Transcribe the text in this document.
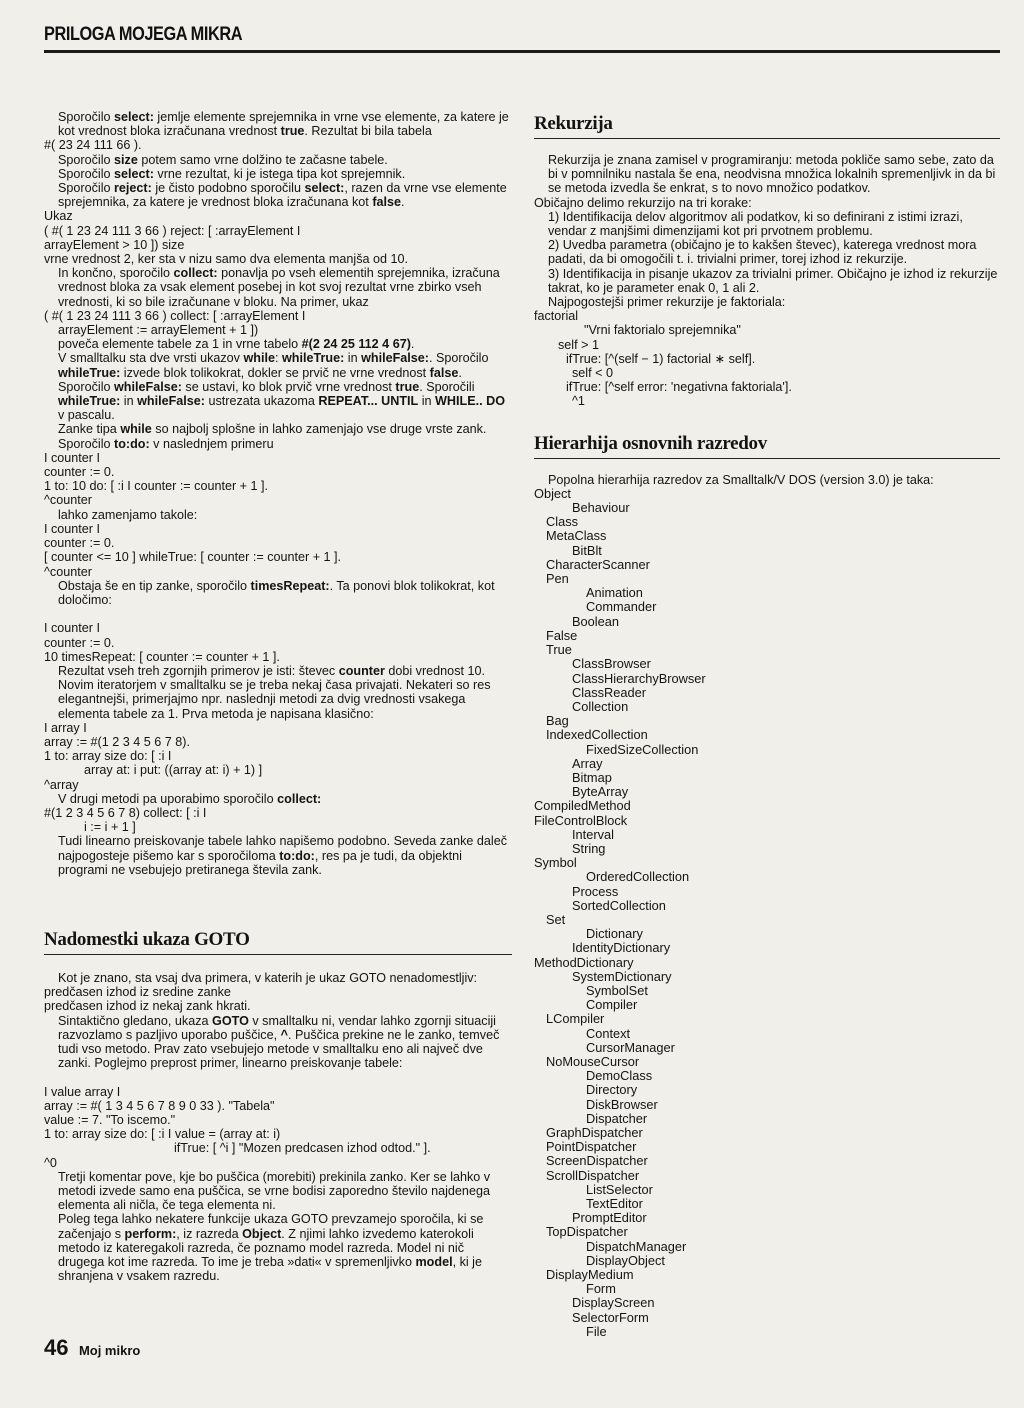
PRILOGA MOJEGA MIKRA

Sporočilo select: jemlje elemente sprejemnika in vrne vse elemente, za katere je kot vrednost bloka izračunana vrednost true. Rezultat bi bila tabela

#( 23 24 111 66 ).

Sporočilo size potem samo vrne dolžino te začasne tabele.

Sporočilo select: vrne rezultat, ki je istega tipa kot sprejemnik.

Sporočilo reject: je čisto podobno sporočilu select:, razen da vrne vse elemente sprejemnika, za katere je vrednost bloka izračunana kot false.

Ukaz

( #( 1 23 24 111 3 66 ) reject: [ :arrayElement I

arrayElement > 10 ]) size

vrne vrednost 2, ker sta v nizu samo dva elementa manjša od 10.

In končno, sporočilo collect: ponavlja po vseh elementih sprejemnika, izračuna vrednost bloka za vsak element posebej in kot svoj rezultat vrne zbirko vseh vrednosti, ki so bile izračunane v bloku. Na primer, ukaz

( #( 1 23 24 111 3 66 ) collect: [ :arrayElement I

arrayElement := arrayElement + 1 ])

poveča elemente tabele za 1 in vrne tabelo #(2 24 25 112 4 67).

V smalltalku sta dve vrsti ukazov while: whileTrue: in whileFalse:. Sporočilo whileTrue: izvede blok tolikokrat, dokler se prvič ne vrne vrednost false. Sporočilo whileFalse: se ustavi, ko blok prvič vrne vrednost true. Sporočili whileTrue: in whileFalse: ustrezata ukazoma REPEAT... UNTIL in WHILE.. DO v pascalu.

Zanke tipa while so najbolj splošne in lahko zamenjajo vse druge vrste zank. Sporočilo to:do: v naslednjem primeru

I counter I

counter := 0.

1 to: 10 do: [ :i I counter := counter + 1 ].

^counter

lahko zamenjamo takole:

I counter I

counter := 0.

[ counter <= 10 ] whileTrue: [ counter := counter + 1 ].

^counter

Obstaja še en tip zanke, sporočilo timesRepeat:. Ta ponovi blok tolikokrat, kot določimo:

I counter I

counter := 0.

10 timesRepeat: [ counter := counter + 1 ].

Rezultat vseh treh zgornjih primerov je isti: števec counter dobi vrednost 10.

Novim iteratorjem v smalltalku se je treba nekaj časa privajati. Nekateri so res elegantnejši, primerjajmo npr. naslednji metodi za dvig vrednosti vsakega elementa tabele za 1. Prva metoda je napisana klasično:

I array I

array := #(1 2 3 4 5 6 7 8).

1 to: array size do: [ :i I

array at: i put: ((array at: i) + 1) ]

^array

V drugi metodi pa uporabimo sporočilo collect:

#(1 2 3 4 5 6 7 8) collect: [ :i I

i := i + 1 ]

Tudi linearno preiskovanje tabele lahko napišemo podobno. Seveda zanke daleč najpogosteje pišemo kar s sporočiloma to:do:, res pa je tudi, da objektni programi ne vsebujejo pretiranega števila zank.

Nadomestki ukaza GOTO

Kot je znano, sta vsaj dva primera, v katerih je ukaz GOTO nenadomestljiv:

predčasen izhod iz sredine zanke

predčasen izhod iz nekaj zank hkrati.

Sintaktično gledano, ukaza GOTO v smalltalku ni, vendar lahko zgornji situaciji razvozlamo s pazljivo uporabo puščice, ^. Puščica prekine ne le zanko, temveč tudi vso metodo. Prav zato vsebujejo metode v smalltalku eno ali največ dve zanki. Poglejmo preprost primer, linearno preiskovanje tabele:

I value array I

array := #( 1 3 4 5 6 7 8 9 0 33 ). "Tabela"

value := 7. "To iscemo."

1 to: array size do: [ :i I value = (array at: i)

ifTrue: [ ^i ] "Mozen predcasen izhod odtod." ].

^0

Tretji komentar pove, kje bo puščica (morebiti) prekinila zanko. Ker se lahko v metodi izvede samo ena puščica, se vrne bodisi zaporedno število najdenega elementa ali ničla, če tega elementa ni.

Poleg tega lahko nekatere funkcije ukaza GOTO prevzamejo sporočila, ki se začenjajo s perform:, iz razreda Object. Z njimi lahko izvedemo katerokoli metodo iz kateregakoli razreda, če poznamo model razreda. Model ni nič drugega kot ime razreda. To ime je treba »dati« v spremenljivko model, ki je shranjena v vsakem razredu.

Rekurzija

Rekurzija je znana zamisel v programiranju: metoda pokliče samo sebe, zato da bi v pomnilniku nastala še ena, neodvisna množica lokalnih spremenljivk in da bi se metoda izvedla še enkrat, s to novo množico podatkov.

Običajno delimo rekurzijo na tri korake:

1) Identifikacija delov algoritmov ali podatkov, ki so definirani z istimi izrazi, vendar z manjšimi dimenzijami kot pri prvotnem problemu.

2) Uvedba parametra (običajno je to kakšen števec), katerega vrednost mora padati, da bi omogočili t. i. trivialni primer, torej izhod iz rekurzije.

3) Identifikacija in pisanje ukazov za trivialni primer. Običajno je izhod iz rekurzije takrat, ko je parameter enak 0, 1 ali 2.

Najpogostejši primer rekurzije je faktoriala:

factorial

"Vrni faktorialo sprejemnika"

self > 1

ifTrue: [^(self − 1) factorial ∗ self].

self < 0

ifTrue: [^self error: 'negativna faktoriala'].

^1

Hierarhija osnovnih razredov

Popolna hierarhija razredov za Smalltalk/V DOS (version 3.0) je taka:

Object
Behaviour
Class
MetaClass
BitBlt
CharacterScanner
Pen
Animation
Commander
Boolean
False
True
ClassBrowser
ClassHierarchyBrowser
ClassReader
Collection
Bag
IndexedCollection
FixedSizeCollection
Array
Bitmap
ByteArray
CompiledMethod
FileControlBlock
Interval
String
Symbol
OrderedCollection
Process
SortedCollection
Set
Dictionary
IdentityDictionary
MethodDictionary
SystemDictionary
SymbolSet
Compiler
LCompiler
Context
CursorManager
NoMouseCursor
DemoClass
Directory
DiskBrowser
Dispatcher
GraphDispatcher
PointDispatcher
ScreenDispatcher
ScrollDispatcher
ListSelector
TextEditor
PromptEditor
TopDispatcher
DispatchManager
DisplayObject
DisplayMedium
Form
DisplayScreen
SelectorForm
File
46 Moj mikro
